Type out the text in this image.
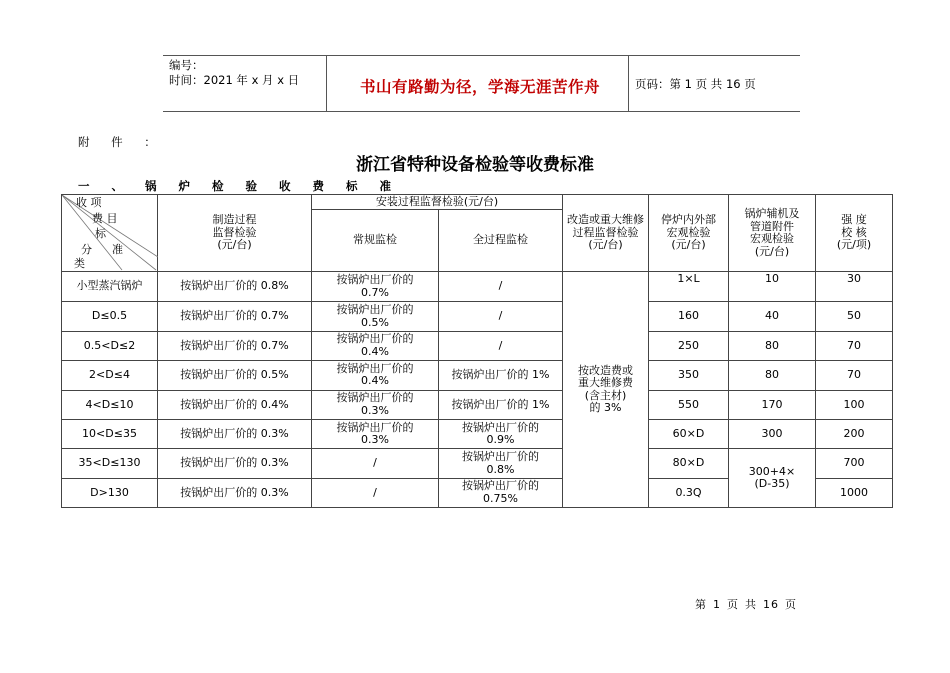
编号：
时间：2021 年 x 月 x 日	书山有路勤为径，学海无涯苦作舟	页码：第 1 页 共 16 页
附 件 ：
浙江省特种设备检验等收费标准
一 、 锅 炉 检 验 收 费 标 准
收 项
费 目
标
分 准
类	制造过程
监督检验
(元/台)	安装过程监督检验(元/台)		改造或重大维修
过程监督检验
(元/台)	停炉内外部
宏观检验
(元/台)	锅炉辅机及
管道附件
宏观检验
(元/台)	强 度
校 核
(元/项)
		常规监检	全过程监检				
小型蒸汽锅炉	按锅炉出厂价的 0.8%	按锅炉出厂价的
0.7%	/	按改造费或
重大维修费
(含主材)
的 3%	1×L	10	30
D≤0.5	按锅炉出厂价的 0.7%	按锅炉出厂价的
0.5%	/		160	40	50
0.5<D≤2	按锅炉出厂价的 0.7%	按锅炉出厂价的
0.4%	/		250	80	70
2<D≤4	按锅炉出厂价的 0.5%	按锅炉出厂价的
0.4%	按锅炉出厂价的 1%		350	80	70
4<D≤10	按锅炉出厂价的 0.4%	按锅炉出厂价的
0.3%	按锅炉出厂价的 1%		550	170	100
10<D≤35	按锅炉出厂价的 0.3%	按锅炉出厂价的
0.3%	按锅炉出厂价的
0.9%		60×D	300	200
35<D≤130	按锅炉出厂价的 0.3%	/	按锅炉出厂价的
0.8%		80×D	300+4×
(D-35)	700
D>130	按锅炉出厂价的 0.3%	/	按锅炉出厂价的
0.75%		0.3Q		1000
第 1 页 共 16 页
